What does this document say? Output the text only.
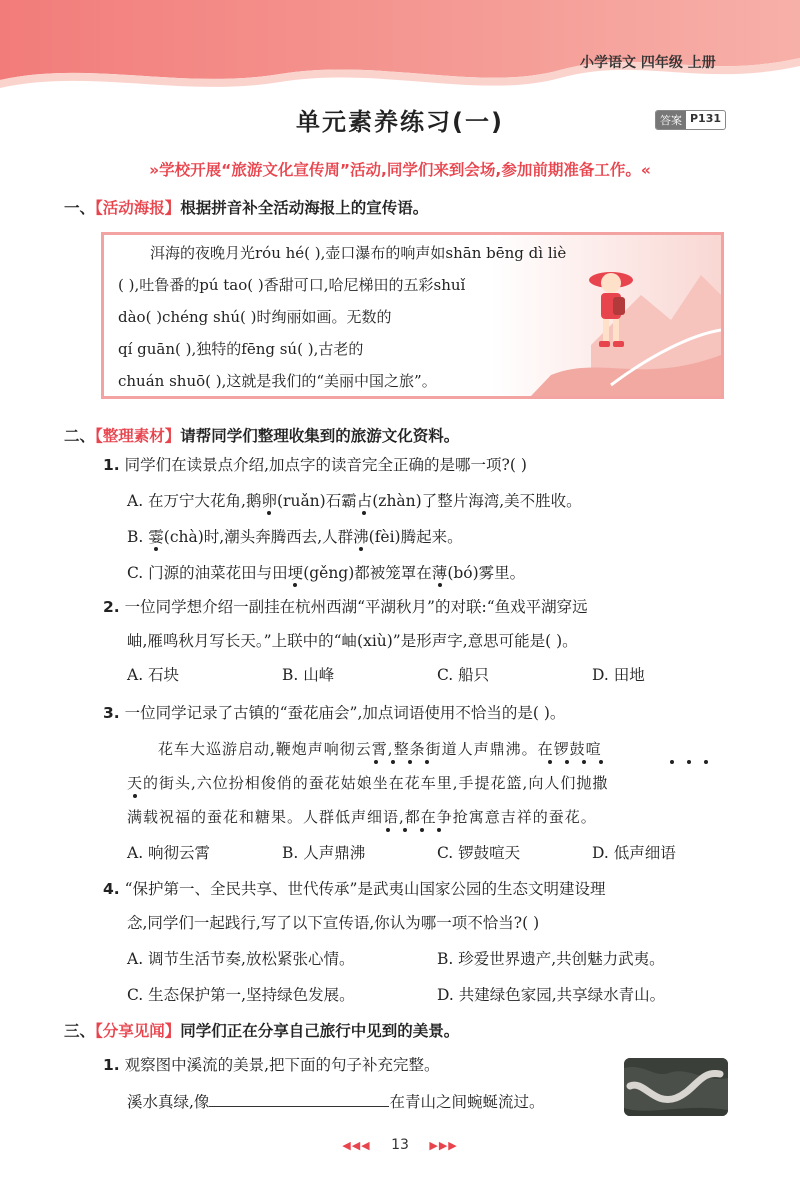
小学语文 四年级 上册
单元素养练习(一)	答案 P131
»学校开展“旅游文化宣传周”活动,同学们来到会场,参加前期准备工作。«
一、【活动海报】根据拼音补全活动海报上的宣传语。
洱海的夜晚月光róu hé( ),壶口瀑布的响声如shān bēng dì liè
( ),吐鲁番的pú tao( )香甜可口,哈尼梯田的五彩shuǐ
dào( )chéng shú( )时绚丽如画。无数的
qí guān( ),独特的fēng sú( ),古老的
chuán shuō( ),这就是我们的“美丽中国之旅”。
二、【整理素材】请帮同学们整理收集到的旅游文化资料。
1. 同学们在读景点介绍,加点字的读音完全正确的是哪一项?( )
A. 在万宁大花角,鹅卵(ruǎn)石霸占(zhàn)了整片海湾,美不胜收。
B. 霎(chà)时,潮头奔腾西去,人群沸(fèi)腾起来。
C. 门源的油菜花田与田埂(gěng)都被笼罩在薄(bó)雾里。
2. 一位同学想介绍一副挂在杭州西湖“平湖秋月”的对联:“鱼戏平湖穿远
岫,雁鸣秋月写长天。”上联中的“岫(xiù)”是形声字,意思可能是( )。
A. 石块	B. 山峰	C. 船只	D. 田地
3. 一位同学记录了古镇的“蚕花庙会”,加点词语使用不恰当的是( )。
花车大巡游启动,鞭炮声响彻云霄,整条街道人声鼎沸。在锣鼓喧
天的街头,六位扮相俊俏的蚕花姑娘坐在花车里,手提花篮,向人们抛撒
满载祝福的蚕花和糖果。人群低声细语,都在争抢寓意吉祥的蚕花。
A. 响彻云霄	B. 人声鼎沸	C. 锣鼓喧天	D. 低声细语
4. “保护第一、全民共享、世代传承”是武夷山国家公园的生态文明建设理
念,同学们一起践行,写了以下宣传语,你认为哪一项不恰当?( )
A. 调节生活节奏,放松紧张心情。	B. 珍爱世界遗产,共创魅力武夷。
C. 生态保护第一,坚持绿色发展。	D. 共建绿色家园,共享绿水青山。
三、【分享见闻】同学们正在分享自己旅行中见到的美景。
1. 观察图中溪流的美景,把下面的句子补充完整。
溪水真绿,像	在青山之间蜿蜒流过。
◀◀◀ 13 ▶▶▶
